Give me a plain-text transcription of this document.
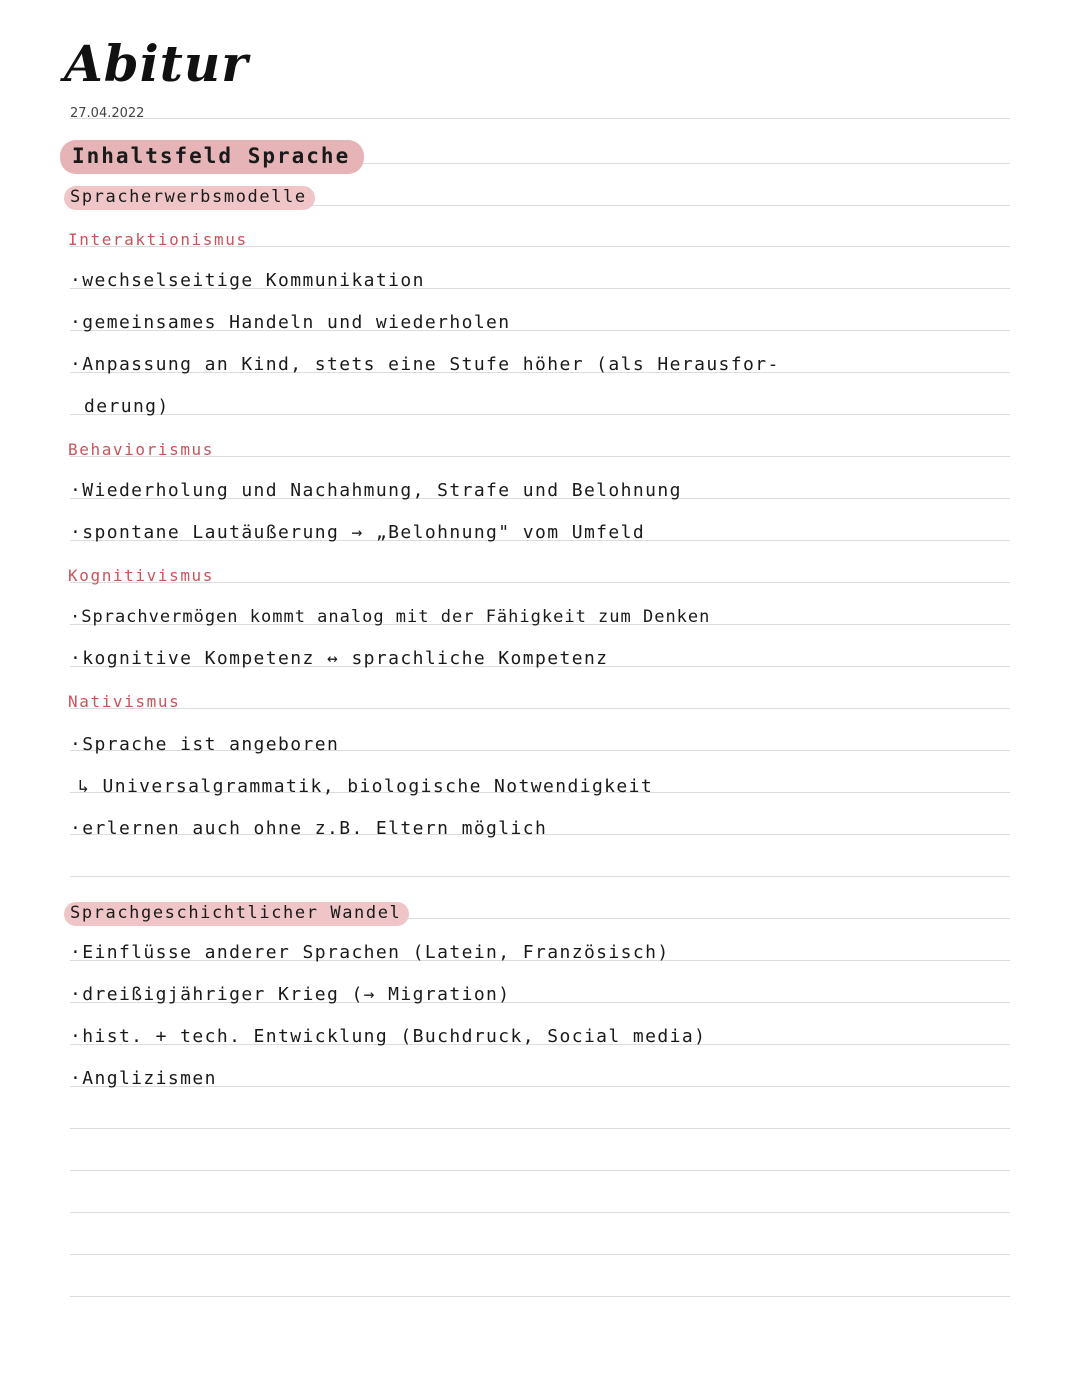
Abitur
27.04.2022
Inhaltsfeld Sprache
Spracherwerbsmodelle
Interaktionismus
·wechselseitige Kommunikation
·gemeinsames Handeln und wiederholen
·Anpassung an Kind, stets eine Stufe höher (als Herausfor-
derung)
Behaviorismus
·Wiederholung und Nachahmung, Strafe und Belohnung
·spontane Lautäußerung → „Belohnung" vom Umfeld
Kognitivismus
·Sprachvermögen kommt analog mit der Fähigkeit zum Denken
·kognitive Kompetenz ↔ sprachliche Kompetenz
Nativismus
·Sprache ist angeboren
↳ Universalgrammatik, biologische Notwendigkeit
·erlernen auch ohne z.B. Eltern möglich
Sprachgeschichtlicher Wandel
·Einflüsse anderer Sprachen (Latein, Französisch)
·dreißigjähriger Krieg (→ Migration)
·hist. + tech. Entwicklung (Buchdruck, Social media)
·Anglizismen
